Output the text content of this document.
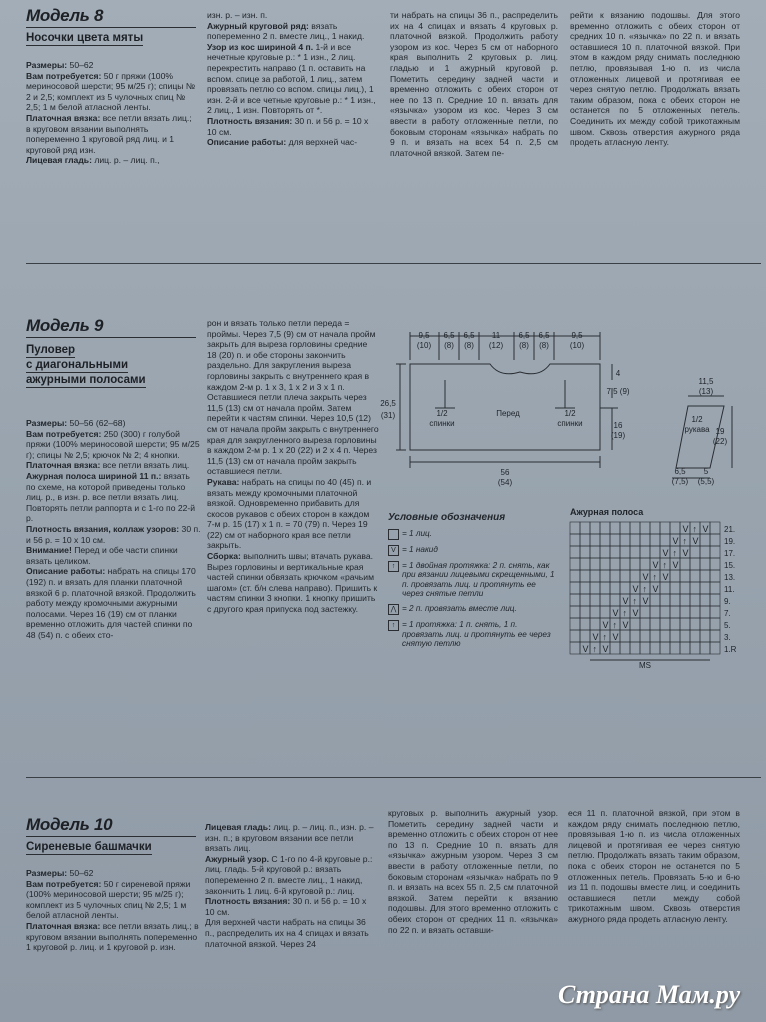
Модель 8
Носочки цвета мяты

Размеры: 50–62

Вам потребуется: 50 г пряжи (100% мериносовой шерсти; 95 м/25 г); спицы № 2 и 2,5; комплект из 5 чулочных спиц № 2,5; 1 м белой атласной ленты.

Платочная вязка: все петли вязать лиц.; в круговом вязании выполнять попеременно 1 круговой ряд лиц. и 1 круговой ряд изн.

Лицевая гладь: лиц. р. – лиц. п.,

изн. р. – изн. п.

Ажурный круговой ряд: вязать попеременно 2 п. вместе лиц., 1 накид.

Узор из кос шириной 4 п. 1-й и все нечетные круговые р.: * 1 изн., 2 лиц. перекрестить направо (1 п. оставить на вспом. спице за работой, 1 лиц., затем провязать петлю со вспом. спицы лиц.), 1 изн. 2-й и все четные круговые р.: * 1 изн., 2 лиц., 1 изн. Повторять от *.

Плотность вязания: 30 п. и 56 р. = 10 х 10 см.

Описание работы: для верхней час-

ти набрать на спицы 36 п., распределить их на 4 спицах и вязать 4 круговых р. платочной вязкой. Продолжить работу узором из кос. Через 5 см от наборного края выполнить 2 круговых р. лиц. гладью и 1 ажурный круговой р. Пометить середину задней части и временно отложить с обеих сторон от нее по 13 п. Средние 10 п. вязать для «язычка» узором из кос. Через 3 см ввести в работу отложенные петли, по боковым сторонам «язычка» набрать по 9 п. и вязать на всех 54 п. 2,5 см платочной вязкой. Затем пе-
рейти к вязанию подошвы. Для этого временно отложить с обеих сторон от средних 10 п. «язычка» по 22 п. и вязать оставшиеся 10 п. платочной вязкой. При этом в каждом ряду снимать последнюю петлю, провязывая 1-ю п. из числа отложенных лицевой и протягивая ее через снятую петлю. Продолжать вязать таким образом, пока с обеих сторон не останется по 5 отложенных петель. Соединить их между собой трикотажным швом. Сквозь отверстия ажурного ряда продеть атласную ленту.
Модель 9
Пуловер
с диагональными
ажурными полосами

Размеры: 50–56 (62–68)

Вам потребуется: 250 (300) г голубой пряжи (100% мериносовой шерсти; 95 м/25 г); спицы № 2,5; крючок № 2; 4 кнопки.

Платочная вязка: все петли вязать лиц.

Ажурная полоса шириной 11 п.: вязать по схеме, на которой приведены только лиц. р., в изн. р. все петли вязать лиц. Повторять петли раппорта и с 1-го по 22-й р.

Плотность вязания, коллаж узоров: 30 п. и 56 р. = 10 х 10 см.

Внимание! Перед и обе части спинки вязать целиком.

Описание работы: набрать на спицы 170 (192) п. и вязать для планки платочной вязкой 6 р. платочной вязкой. Продолжить работу между кромочными ажурными полосами. Через 16 (19) см от планки временно отложить для частей спинки по 48 (54) п. с обеих сто-

рон и вязать только петли переда = проймы. Через 7,5 (9) см от начала пройм закрыть для выреза горловины средние 18 (20) п. и обе стороны закончить раздельно. Для закругления выреза горловины закрыть с внутреннего края в каждом 2-м р. 1 х 3, 1 х 2 и 3 х 1 п. Оставшиеся петли плеча закрыть через 11,5 (13) см от начала пройм. Затем перейти к частям спинки. Через 10,5 (12) см от начала пройм закрыть с внутреннего края для закругленного выреза горловины в каждом 2-м р. 1 х 20 (22) и 2 х 4 п. Через 11,5 (13) см от начала пройм закрыть оставшиеся петли.

Рукава: набрать на спицы по 40 (45) п. и вязать между кромочными платочной вязкой. Одновременно прибавить для скосов рукавов с обеих сторон в каждом 7-м р. 15 (17) х 1 п. = 70 (79) п. Через 19 (22) см от наборного края все петли закрыть.

Сборка: выполнить швы; втачать рукава. Вырез горловины и вертикальные края частей спинки обвязать крючком «рачьим шагом» (ст. б/н слева направо). Пришить к частям спинки 3 кнопки. 1 кнопку пришить с другого края припуска под застежку.

9,5
(10)
6,5
(8)
6,5
(8)
11
(12)
6,5
(8)
6,5
(8)
9,5
(10)
26,5
(31)
4
7,5 (9)
16
(19)
1/2
спинки
Перед	1/2
спинки
56
(54)
11,5
(13)
1/2
рукава 19
(22)
6,5
(7,5)
5
(5,5)
Условные обозначения
= 1 лиц.
V = 1 накид
↑ = 1 двойная протяжка: 2 п. снять, как при вязании лицевыми скрещенными, 1 п. провязать лиц. и протянуть ее через снятые петли
⋀ = 2 п. провязать вместе лиц.
↑ = 1 протяжка: 1 п. снять, 1 п. провязать лиц. и протянуть ее через снятую петлю
Ажурная полоса
21.
V ↑ V
19.
V ↑ V
17.
V ↑ V
15.
V ↑ V
13.
V ↑ V
11.
V ↑ V
9.
V ↑ V
7.
V ↑ V
5.
V ↑ V
3.
V ↑ V
1.R
V ↑ V
MS
Модель 10
Сиреневые башмачки

Размеры: 50–62

Вам потребуется: 50 г сиреневой пряжи (100% мериносовой шерсти; 95 м/25 г); комплект из 5 чулочных спиц № 2,5; 1 м белой атласной ленты.

Платочная вязка: все петли вязать лиц.; в круговом вязании выполнять попеременно 1 круговой р. лиц. и 1 круговой р. изн.

Лицевая гладь: лиц. р. – лиц. п., изн. р. – изн. п.; в круговом вязании все петли вязать лиц.

Ажурный узор. С 1-го по 4-й круговые р.: лиц. гладь. 5-й круговой р.: вязать попеременно 2 п. вместе лиц., 1 накид, закончить 1 лиц. 6-й круговой р.: лиц.

Плотность вязания: 30 п. и 56 р. = 10 х 10 см.

Для верхней части набрать на спицы 36 п., распределить их на 4 спицах и вязать платочной вязкой. Через 24

круговых р. выполнить ажурный узор. Пометить середину задней части и временно отложить с обеих сторон от нее по 13 п. Средние 10 п. вязать для «язычка» ажурным узором. Через 3 см ввести в работу отложенные петли, по боковым сторонам «язычка» набрать по 9 п. и вязать на всех 55 п. 2,5 см платочной вязкой. Затем перейти к вязанию подошвы. Для этого временно отложить с обеих сторон от средних 11 п. «язычка» по 22 п. и вязать оставши-
еся 11 п. платочной вязкой, при этом в каждом ряду снимать последнюю петлю, провязывая 1-ю п. из числа отложенных лицевой и протягивая ее через снятую петлю. Продолжать вязать таким образом, пока с обеих сторон не останется по 5 отложенных петель. Провязать 5-ю и 6-ю из 11 п. подошвы вместе лиц. и соединить оставшиеся петли между собой трикотажным швом. Сквозь отверстия ажурного ряда продеть атласную ленту.
Страна Мам.ру
